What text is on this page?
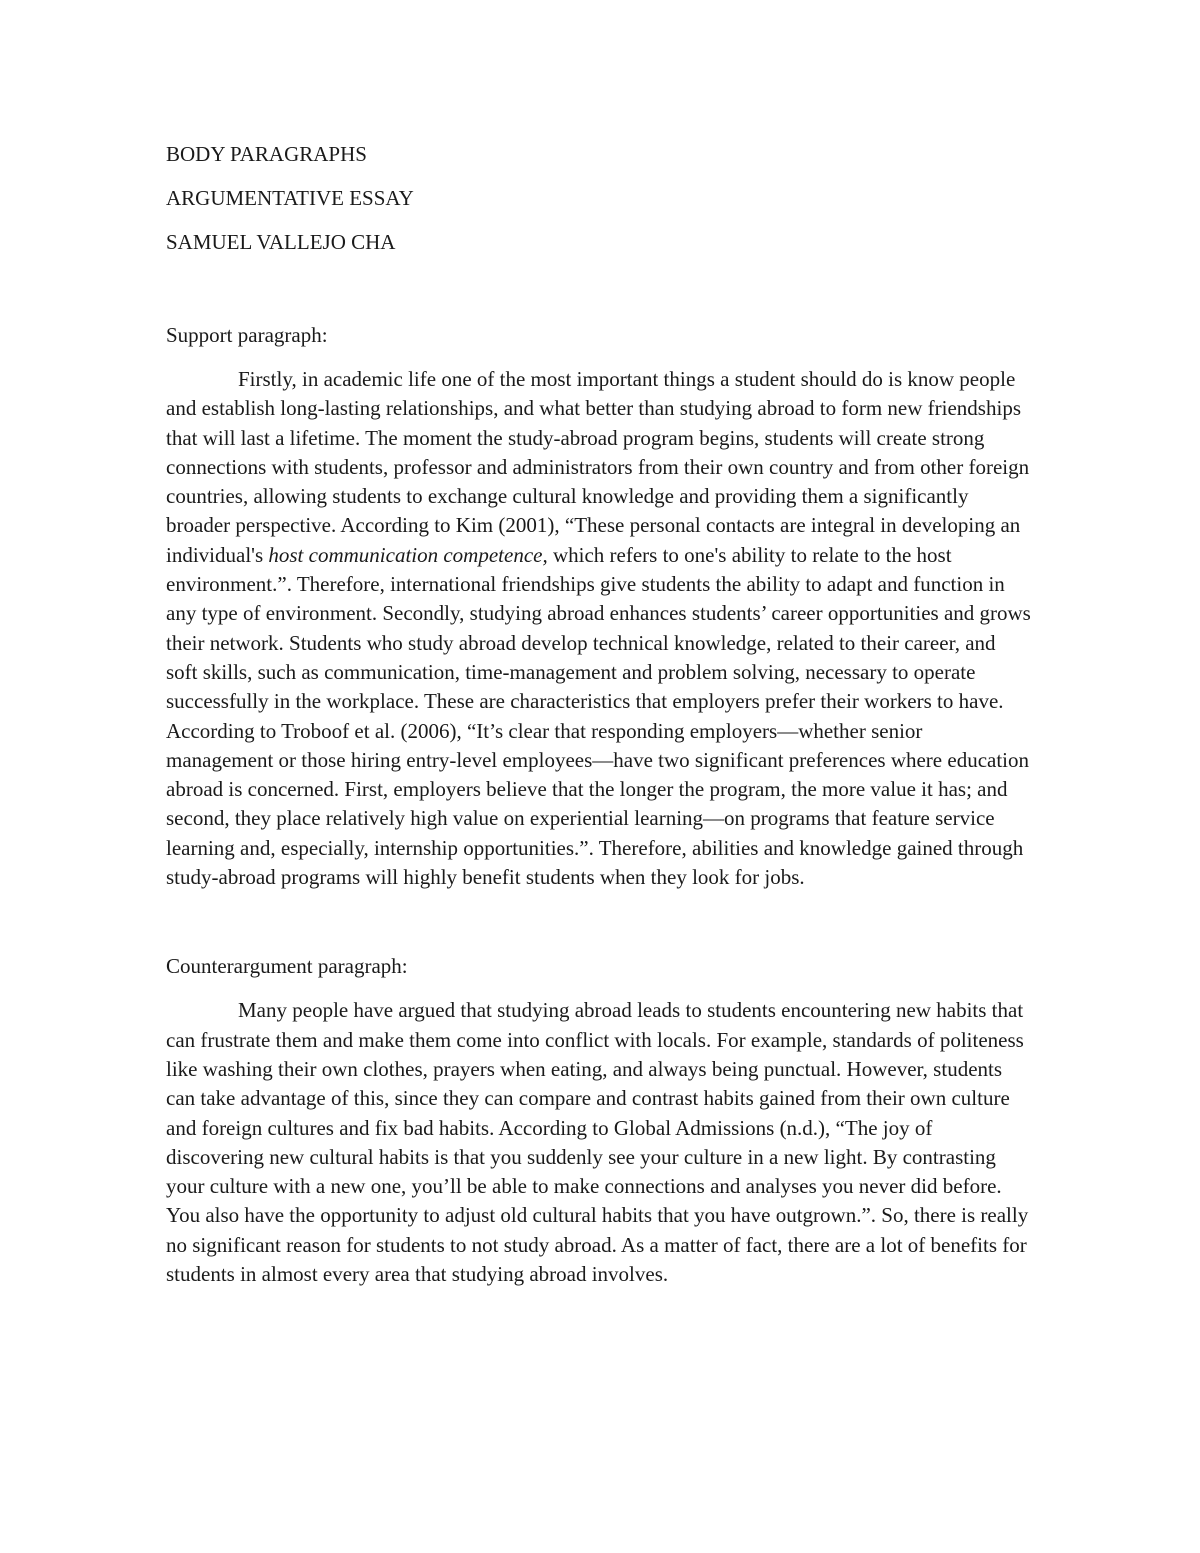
BODY PARAGRAPHS

ARGUMENTATIVE ESSAY

SAMUEL VALLEJO CHA

Support paragraph:

Firstly, in academic life one of the most important things a student should do is know people and establish long-lasting relationships, and what better than studying abroad to form new friendships that will last a lifetime. The moment the study-abroad program begins, students will create strong connections with students, professor and administrators from their own country and from other foreign countries, allowing students to exchange cultural knowledge and providing them a significantly broader perspective. According to Kim (2001), “These personal contacts are integral in developing an individual's host communication competence, which refers to one's ability to relate to the host environment.”. Therefore, international friendships give students the ability to adapt and function in any type of environment. Secondly, studying abroad enhances students’ career opportunities and grows their network. Students who study abroad develop technical knowledge, related to their career, and soft skills, such as communication, time-management and problem solving, necessary to operate successfully in the workplace. These are characteristics that employers prefer their workers to have. According to Troboof et al. (2006), “It’s clear that responding employers—whether senior management or those hiring entry-level employees—have two significant preferences where education abroad is concerned. First, employers believe that the longer the program, the more value it has; and second, they place relatively high value on experiential learning—on programs that feature service learning and, especially, internship opportunities.”. Therefore, abilities and knowledge gained through study-abroad programs will highly benefit students when they look for jobs.

Counterargument paragraph:

Many people have argued that studying abroad leads to students encountering new habits that can frustrate them and make them come into conflict with locals. For example, standards of politeness like washing their own clothes, prayers when eating, and always being punctual. However, students can take advantage of this, since they can compare and contrast habits gained from their own culture and foreign cultures and fix bad habits. According to Global Admissions (n.d.), “The joy of discovering new cultural habits is that you suddenly see your culture in a new light. By contrasting your culture with a new one, you’ll be able to make connections and analyses you never did before. You also have the opportunity to adjust old cultural habits that you have outgrown.”. So, there is really no significant reason for students to not study abroad. As a matter of fact, there are a lot of benefits for students in almost every area that studying abroad involves.
